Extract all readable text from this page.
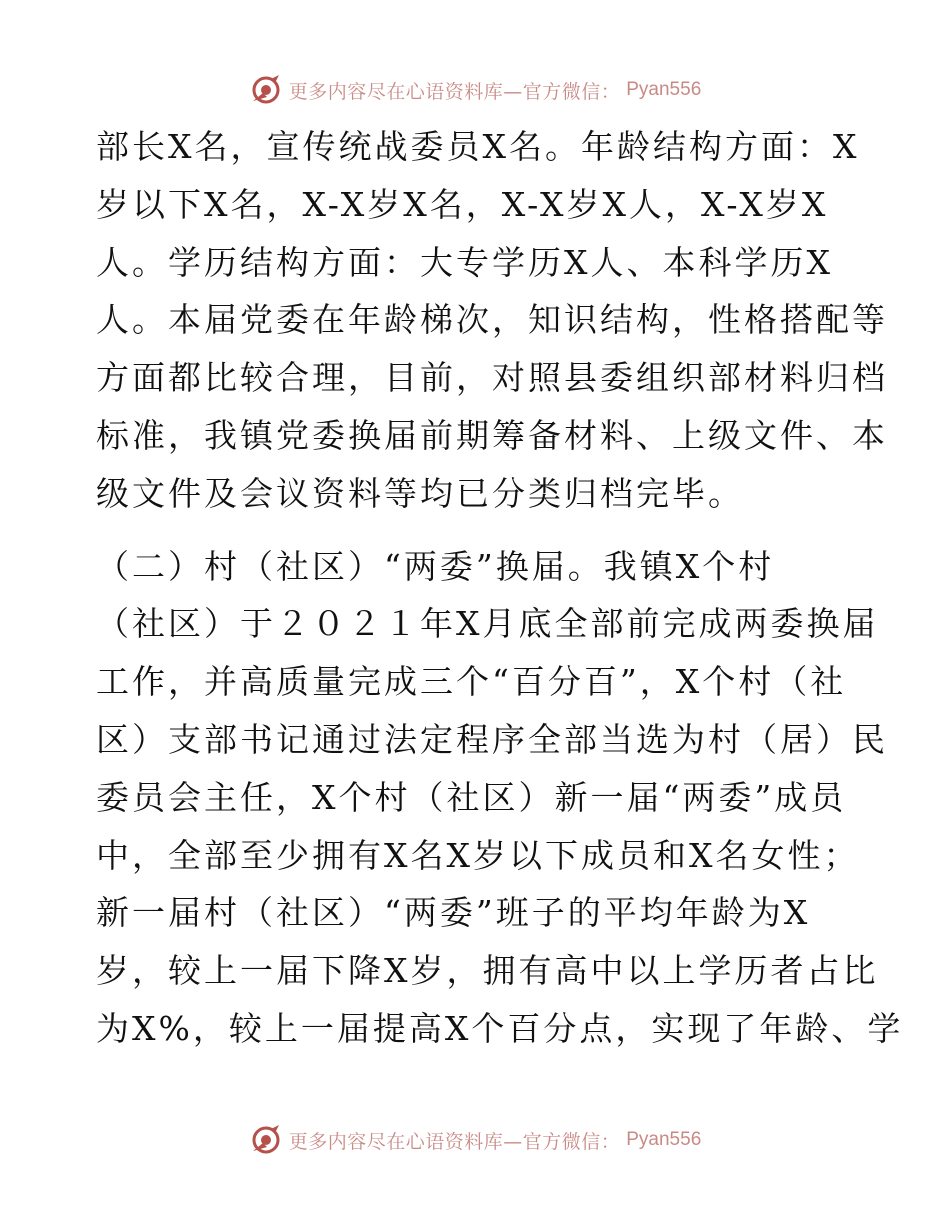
更多内容尽在心语资料库—官方微信： Pyan556
部长X名，宣传统战委员X名。年龄结构方面：X
岁以下X名，X-X岁X名，X-X岁X人，X-X岁X
人。学历结构方面：大专学历X人、本科学历X
人。本届党委在年龄梯次，知识结构，性格搭配等
方面都比较合理，目前，对照县委组织部材料归档
标准，我镇党委换届前期筹备材料、上级文件、本
级文件及会议资料等均已分类归档完毕。
（二）村（社区）“两委”换届。我镇X个村
（社区）于２０２１年X月底全部前完成两委换届
工作，并高质量完成三个“百分百”，X个村（社
区）支部书记通过法定程序全部当选为村（居）民
委员会主任，X个村（社区）新一届“两委”成员
中，全部至少拥有X名X岁以下成员和X名女性；
新一届村（社区）“两委”班子的平均年龄为X
岁，较上一届下降X岁，拥有高中以上学历者占比
为X%，较上一届提高X个百分点，实现了年龄、学
更多内容尽在心语资料库—官方微信： Pyan556
